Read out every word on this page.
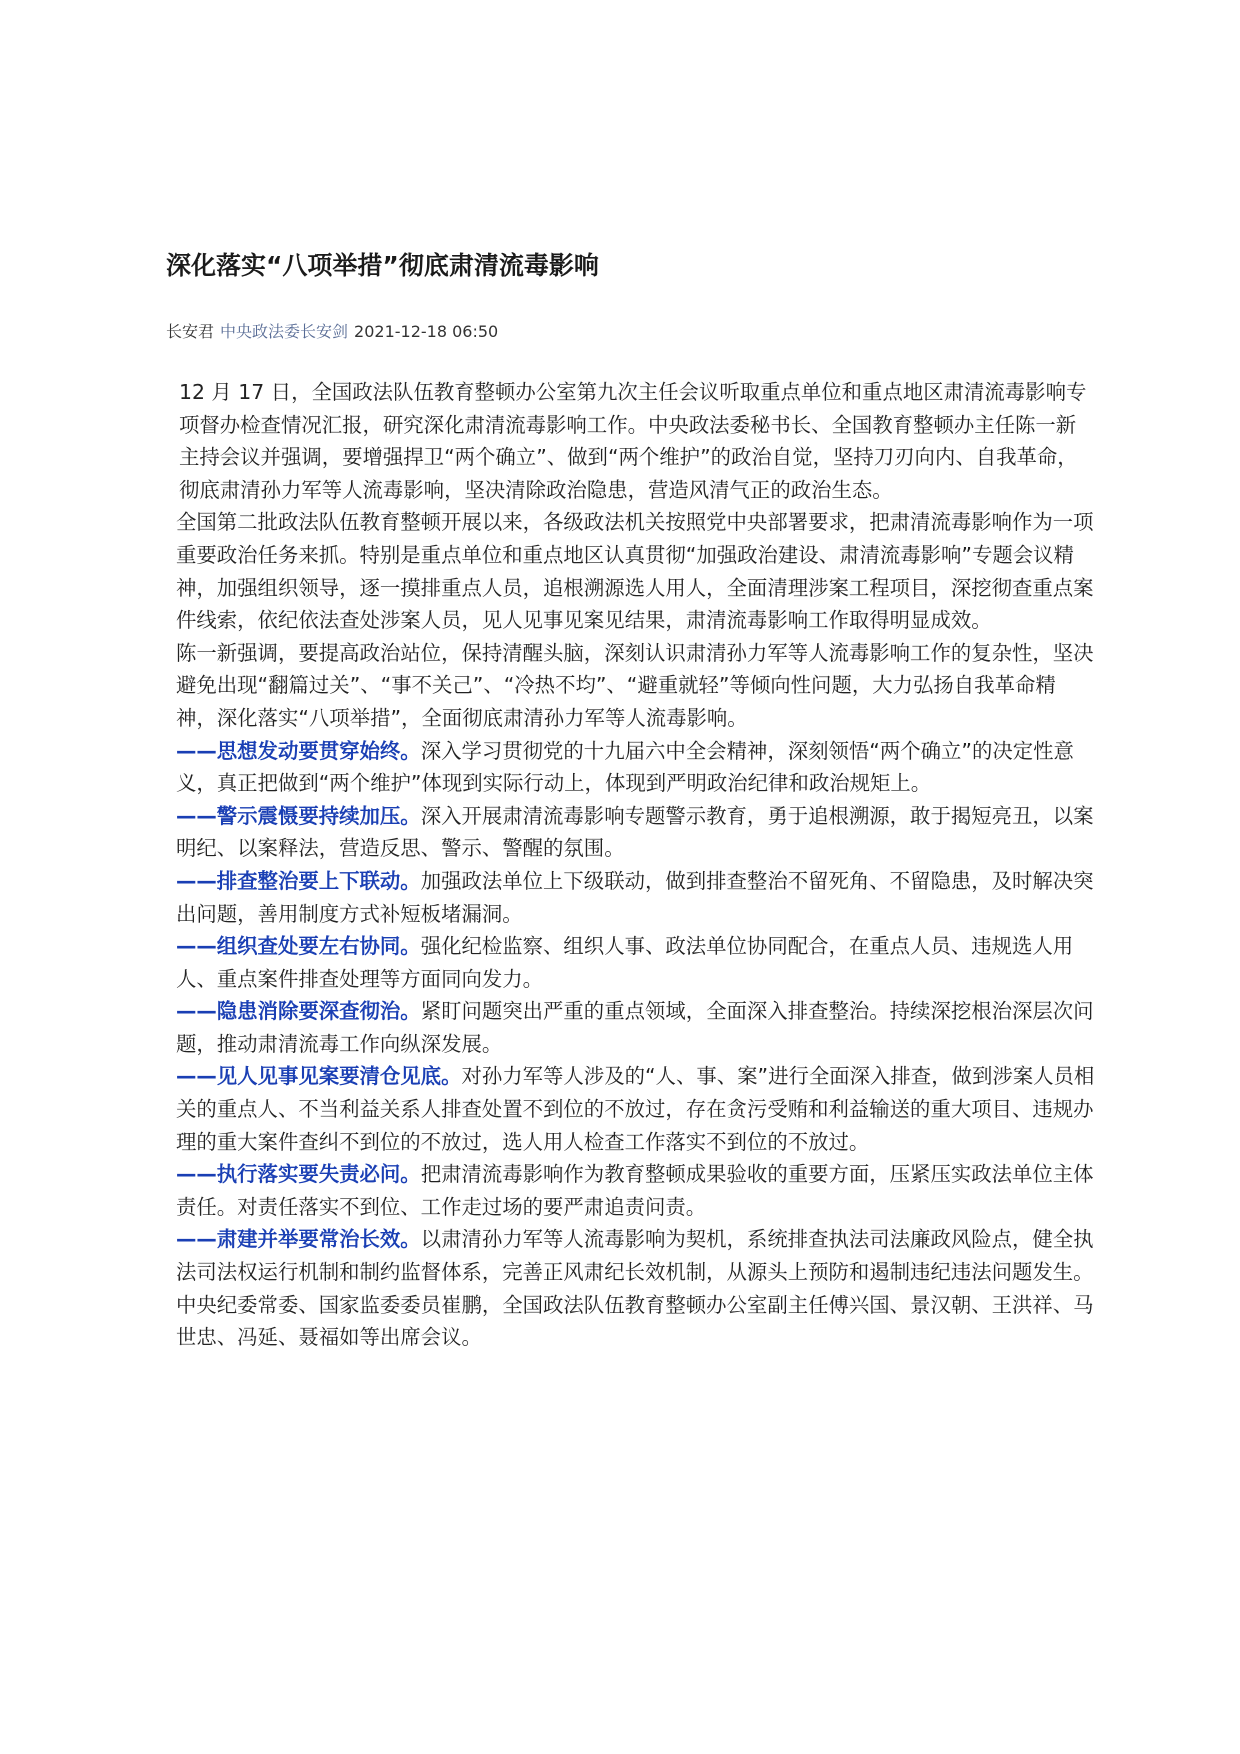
深化落实“八项举措”彻底肃清流毒影响
长安君 中央政法委长安剑 2021-12-18 06:50

12 月 17 日，全国政法队伍教育整顿办公室第九次主任会议听取重点单位和重点地区肃清流毒影响专项督办检查情况汇报，研究深化肃清流毒影响工作。中央政法委秘书长、全国教育整顿办主任陈一新主持会议并强调，要增强捍卫“两个确立”、做到“两个维护”的政治自觉，坚持刀刃向内、自我革命，彻底肃清孙力军等人流毒影响，坚决清除政治隐患，营造风清气正的政治生态。

全国第二批政法队伍教育整顿开展以来，各级政法机关按照党中央部署要求，把肃清流毒影响作为一项重要政治任务来抓。特别是重点单位和重点地区认真贯彻“加强政治建设、肃清流毒影响”专题会议精神，加强组织领导，逐一摸排重点人员，追根溯源选人用人，全面清理涉案工程项目，深挖彻查重点案件线索，依纪依法查处涉案人员，见人见事见案见结果，肃清流毒影响工作取得明显成效。

陈一新强调，要提高政治站位，保持清醒头脑，深刻认识肃清孙力军等人流毒影响工作的复杂性，坚决避免出现“翻篇过关”、“事不关己”、“冷热不均”、“避重就轻”等倾向性问题，大力弘扬自我革命精神，深化落实“八项举措”，全面彻底肃清孙力军等人流毒影响。

——思想发动要贯穿始终。深入学习贯彻党的十九届六中全会精神，深刻领悟“两个确立”的决定性意义，真正把做到“两个维护”体现到实际行动上，体现到严明政治纪律和政治规矩上。

——警示震慑要持续加压。深入开展肃清流毒影响专题警示教育，勇于追根溯源，敢于揭短亮丑，以案明纪、以案释法，营造反思、警示、警醒的氛围。

——排查整治要上下联动。加强政法单位上下级联动，做到排查整治不留死角、不留隐患，及时解决突出问题，善用制度方式补短板堵漏洞。

——组织查处要左右协同。强化纪检监察、组织人事、政法单位协同配合，在重点人员、违规选人用人、重点案件排查处理等方面同向发力。

——隐患消除要深查彻治。紧盯问题突出严重的重点领域，全面深入排查整治。持续深挖根治深层次问题，推动肃清流毒工作向纵深发展。

——见人见事见案要清仓见底。对孙力军等人涉及的“人、事、案”进行全面深入排查，做到涉案人员相关的重点人、不当利益关系人排查处置不到位的不放过，存在贪污受贿和利益输送的重大项目、违规办理的重大案件查纠不到位的不放过，选人用人检查工作落实不到位的不放过。

——执行落实要失责必问。把肃清流毒影响作为教育整顿成果验收的重要方面，压紧压实政法单位主体责任。对责任落实不到位、工作走过场的要严肃追责问责。

——肃建并举要常治长效。以肃清孙力军等人流毒影响为契机，系统排查执法司法廉政风险点，健全执法司法权运行机制和制约监督体系，完善正风肃纪长效机制，从源头上预防和遏制违纪违法问题发生。

中央纪委常委、国家监委委员崔鹏，全国政法队伍教育整顿办公室副主任傅兴国、景汉朝、王洪祥、马世忠、冯延、聂福如等出席会议。
